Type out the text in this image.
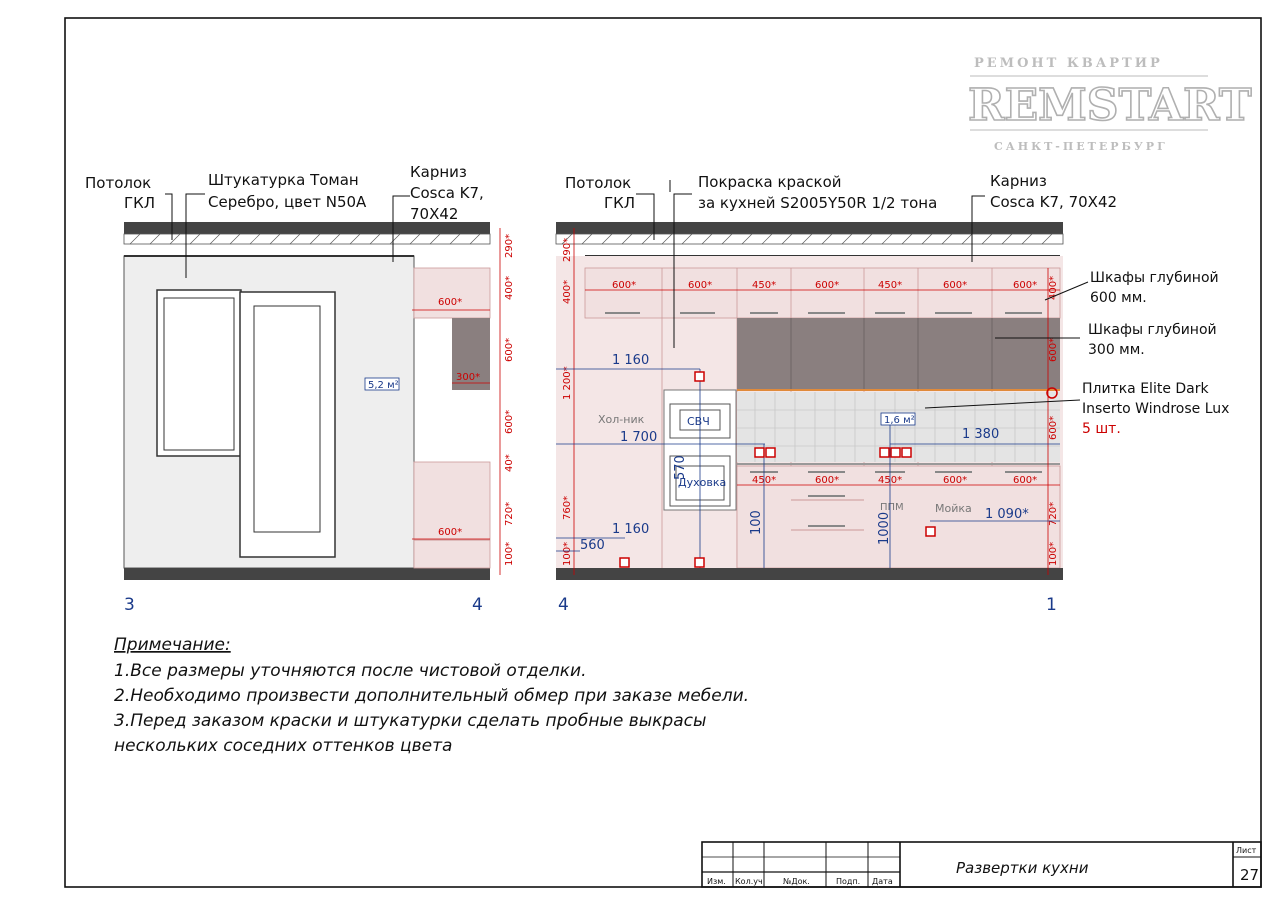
РЕМОНТ КВАРТИР
REMSTART
САНКТ-ПЕТЕРБУРГ
600*
300*
600*
290*
400*
600*
600*
40*
720*
100*
5,2 м²
Потолок
ГКЛ
Штукатурка Томан
Серебро, цвет N50A
Карниз
Cosca K7,
70X42
3	4
СВЧ
Духовка
Хол-ник
ППМ	Мойка
600*	600*	450*	600*	450*	600*	600*
450*	600*	450*	600*	600*
290*
400*
1 200*
760*
100*
400*
600*
600*
720*
100*
1 160
1 700
1 160
560
1 380
1 090*
570
100	1000
1,6 м²
Потолок
ГКЛ
Покраска краской
за кухней S2005Y50R 1/2 тона
Карниз
Cosca K7, 70X42
Шкафы глубиной
600 мм.
Шкафы глубиной
300 мм.
Плитка Elite Dark
Inserto Windrose Lux
5 шт.
4	1
Примечание:
1.Все размеры уточняются после чистовой отделки.
2.Необходимо произвести дополнительный обмер при заказе мебели.
3.Перед заказом краски и штукатурки сделать пробные выкрасы
нескольких соседних оттенков цвета
Изм. Кол.уч. №Док.	Подп. Дата
Развертки кухни
Лист
27
